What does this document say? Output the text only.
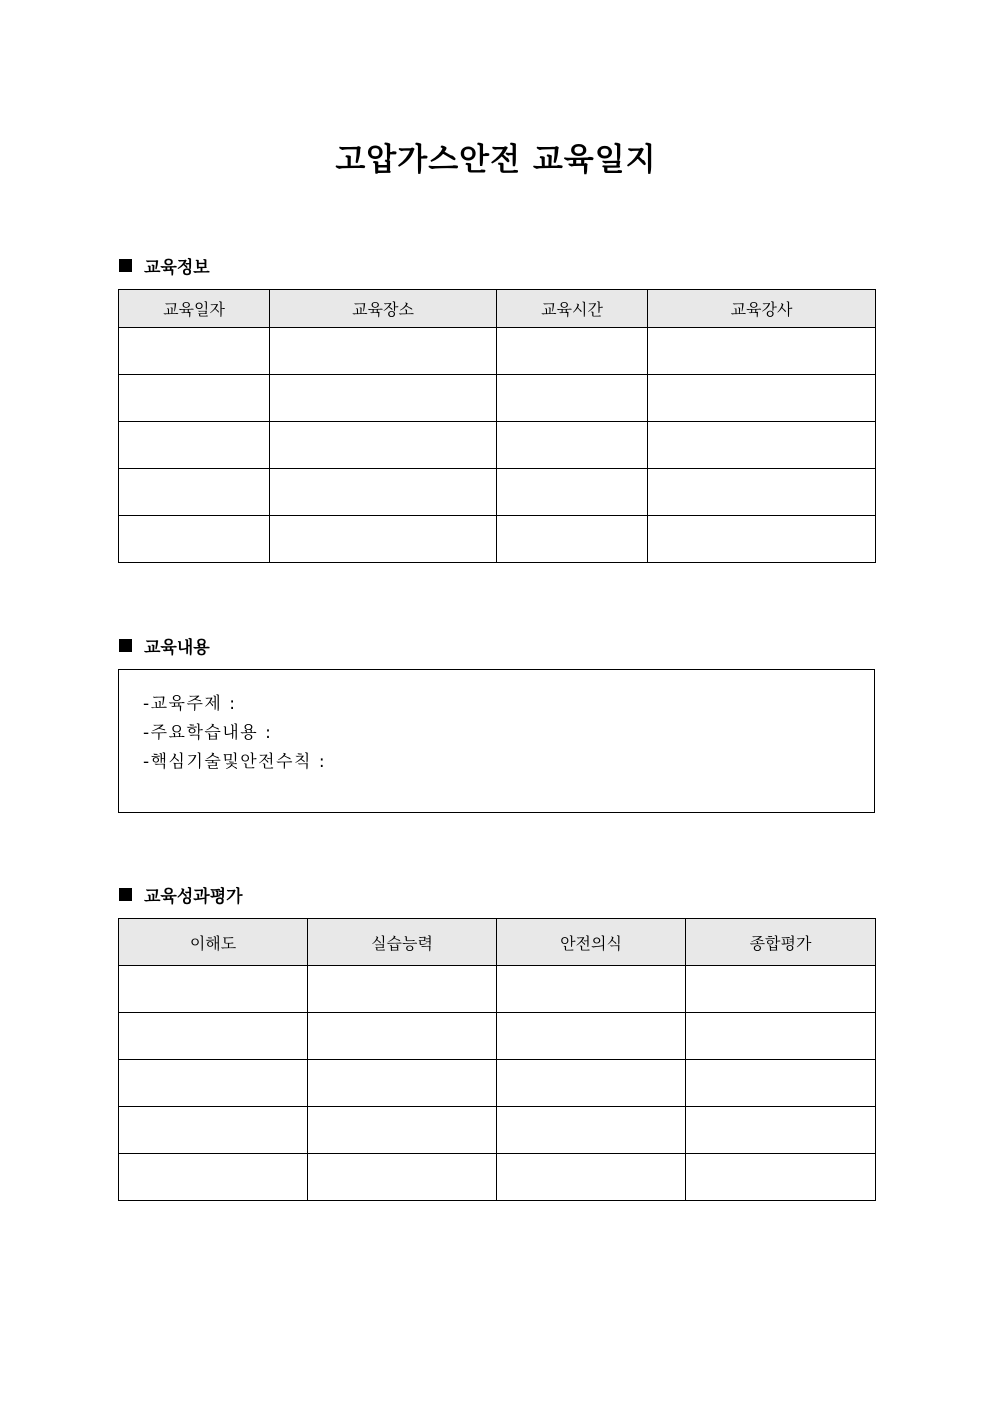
고압가스안전 교육일지
교육정보
교육일자	교육장소	교육시간	교육강사

교육내용
-교육주제 :
-주요학습내용 :
-핵심기술및안전수칙 :
교육성과평가
이해도	실습능력	안전의식	종합평가
